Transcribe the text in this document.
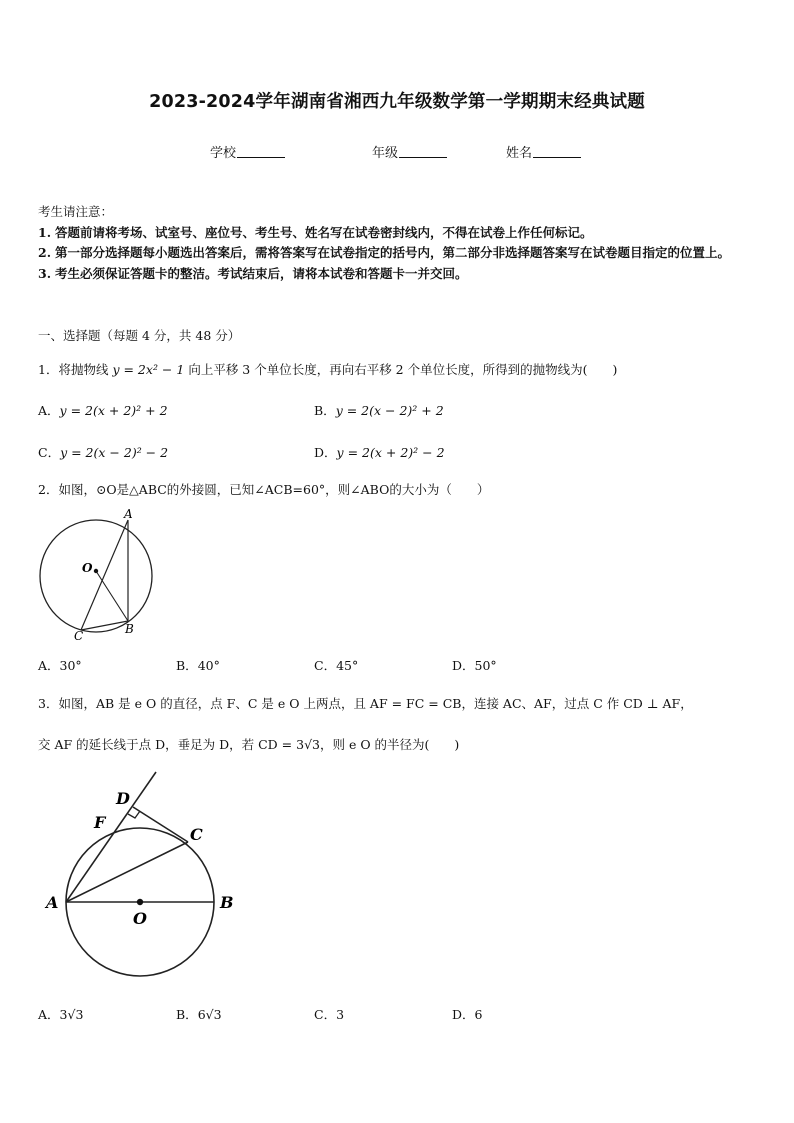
2023-2024学年湖南省湘西九年级数学第一学期期末经典试题
学校	年级	姓名
考生请注意：
1. 答题前请将考场、试室号、座位号、考生号、姓名写在试卷密封线内，不得在试卷上作任何标记。
2. 第一部分选择题每小题选出答案后，需将答案写在试卷指定的括号内，第二部分非选择题答案写在试卷题目指定的位置上。
3. 考生必须保证答题卡的整洁。考试结束后，请将本试卷和答题卡一并交回。
一、选择题（每题 4 分，共 48 分）
1．将抛物线 y = 2x² − 1 向上平移 3 个单位长度，再向右平移 2 个单位长度，所得到的抛物线为(　　)
A．y = 2(x + 2)² + 2	B．y = 2(x − 2)² + 2
C．y = 2(x − 2)² − 2	D．y = 2(x + 2)² − 2
2．如图，⊙O是△ABC的外接圆，已知∠ACB=60°，则∠ABO的大小为（　　）
A
O
B
C
A．30°	B．40°	C．45°	D．50°
3．如图，AB 是 e O 的直径，点 F、C 是 e O 上两点，且 AF = FC = CB，连接 AC、AF，过点 C 作 CD ⊥ AF，
交 AF 的延长线于点 D，垂足为 D，若 CD = 3√3，则 e O 的半径为(　　)
D
F
C
A
O
B
A．3√3	B．6√3	C．3	D．6
